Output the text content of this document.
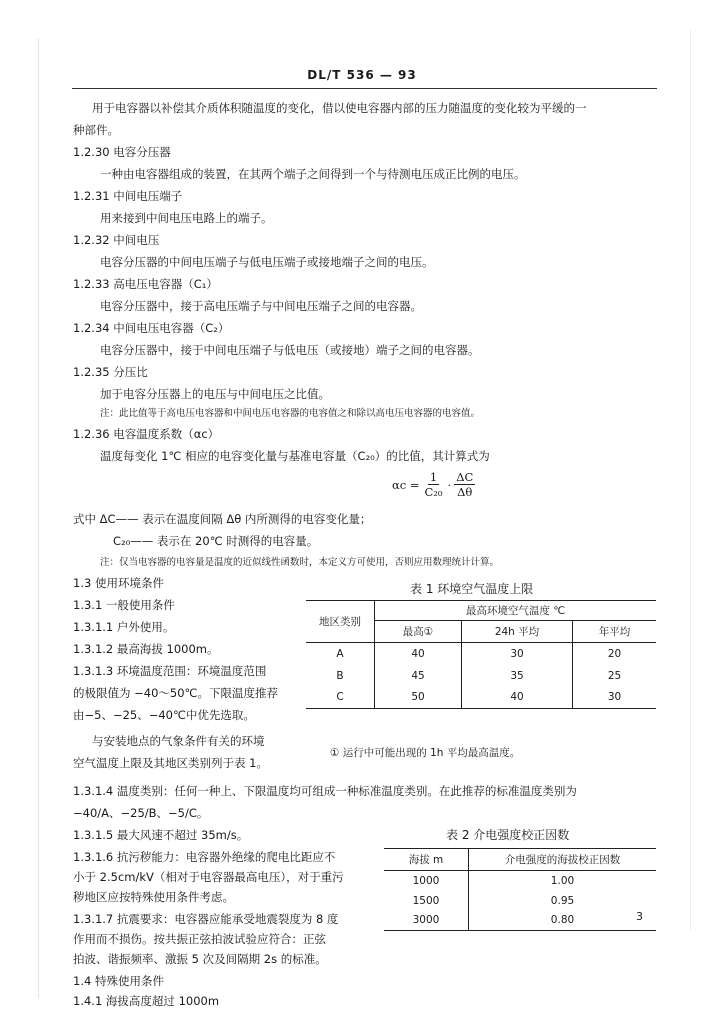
DL/T 536 — 93
用于电容器以补偿其介质体积随温度的变化，借以使电容器内部的压力随温度的变化较为平缓的一
种部件。
1.2.30 电容分压器
一种由电容器组成的装置，在其两个端子之间得到一个与待测电压成正比例的电压。
1.2.31 中间电压端子
用来接到中间电压电路上的端子。
1.2.32 中间电压
电容分压器的中间电压端子与低电压端子或接地端子之间的电压。
1.2.33 高电压电容器（C₁）
电容分压器中，接于高电压端子与中间电压端子之间的电容器。
1.2.34 中间电压电容器（C₂）
电容分压器中，接于中间电压端子与低电压（或接地）端子之间的电容器。
1.2.35 分压比
加于电容分压器上的电压与中间电压之比值。
注：此比值等于高电压电容器和中间电压电容器的电容值之和除以高电压电容器的电容值。
1.2.36 电容温度系数（αc）
温度每变化 1℃ 相应的电容变化量与基准电容量（C₂₀）的比值，其计算式为
$\alpha c = \frac{1}{\text{C₂₀}} \cdot \frac{\Delta C}{\Delta\theta}$
式中 ΔC—— 表示在温度间隔 Δθ 内所测得的电容变化量；
C₂₀—— 表示在 20℃ 时测得的电容量。
注：仅当电容器的电容量是温度的近似线性函数时，本定义方可使用，否则应用数理统计计算。
1.3 使用环境条件
1.3.1 一般使用条件
1.3.1.1 户外使用。
1.3.1.2 最高海拔 1000m。
1.3.1.3 环境温度范围：环境温度范围
的极限值为 −40～50℃。下限温度推荐
由−5、−25、−40℃中优先选取。
与安装地点的气象条件有关的环境
空气温度上限及其地区类别列于表 1。
表 1 环境空气温度上限
地区类别	最高环境空气温度 ℃		
	最高①	24h 平均	年平均
A	40	30	20
B	45	35	25
C	50	40	30
① 运行中可能出现的 1h 平均最高温度。
1.3.1.4 温度类别：任何一种上、下限温度均可组成一种标准温度类别。在此推荐的标准温度类别为
−40/A、−25/B、−5/C。
1.3.1.5 最大风速不超过 35m/s。
1.3.1.6 抗污秽能力：电容器外绝缘的爬电比距应不
小于 2.5cm/kV（相对于电容器最高电压），对于重污
秽地区应按特殊使用条件考虑。
1.3.1.7 抗震要求：电容器应能承受地震裂度为 8 度
作用而不损伤。按共振正弦拍波试验应符合：正弦
拍波、谐振频率、激振 5 次及间隔期 2s 的标准。
1.4 特殊使用条件
1.4.1 海拔高度超过 1000m
表 2 介电强度校正因数
海拔 m	介电强度的海拔校正因数
1000	1.00
1500	0.95
3000	0.80	3
